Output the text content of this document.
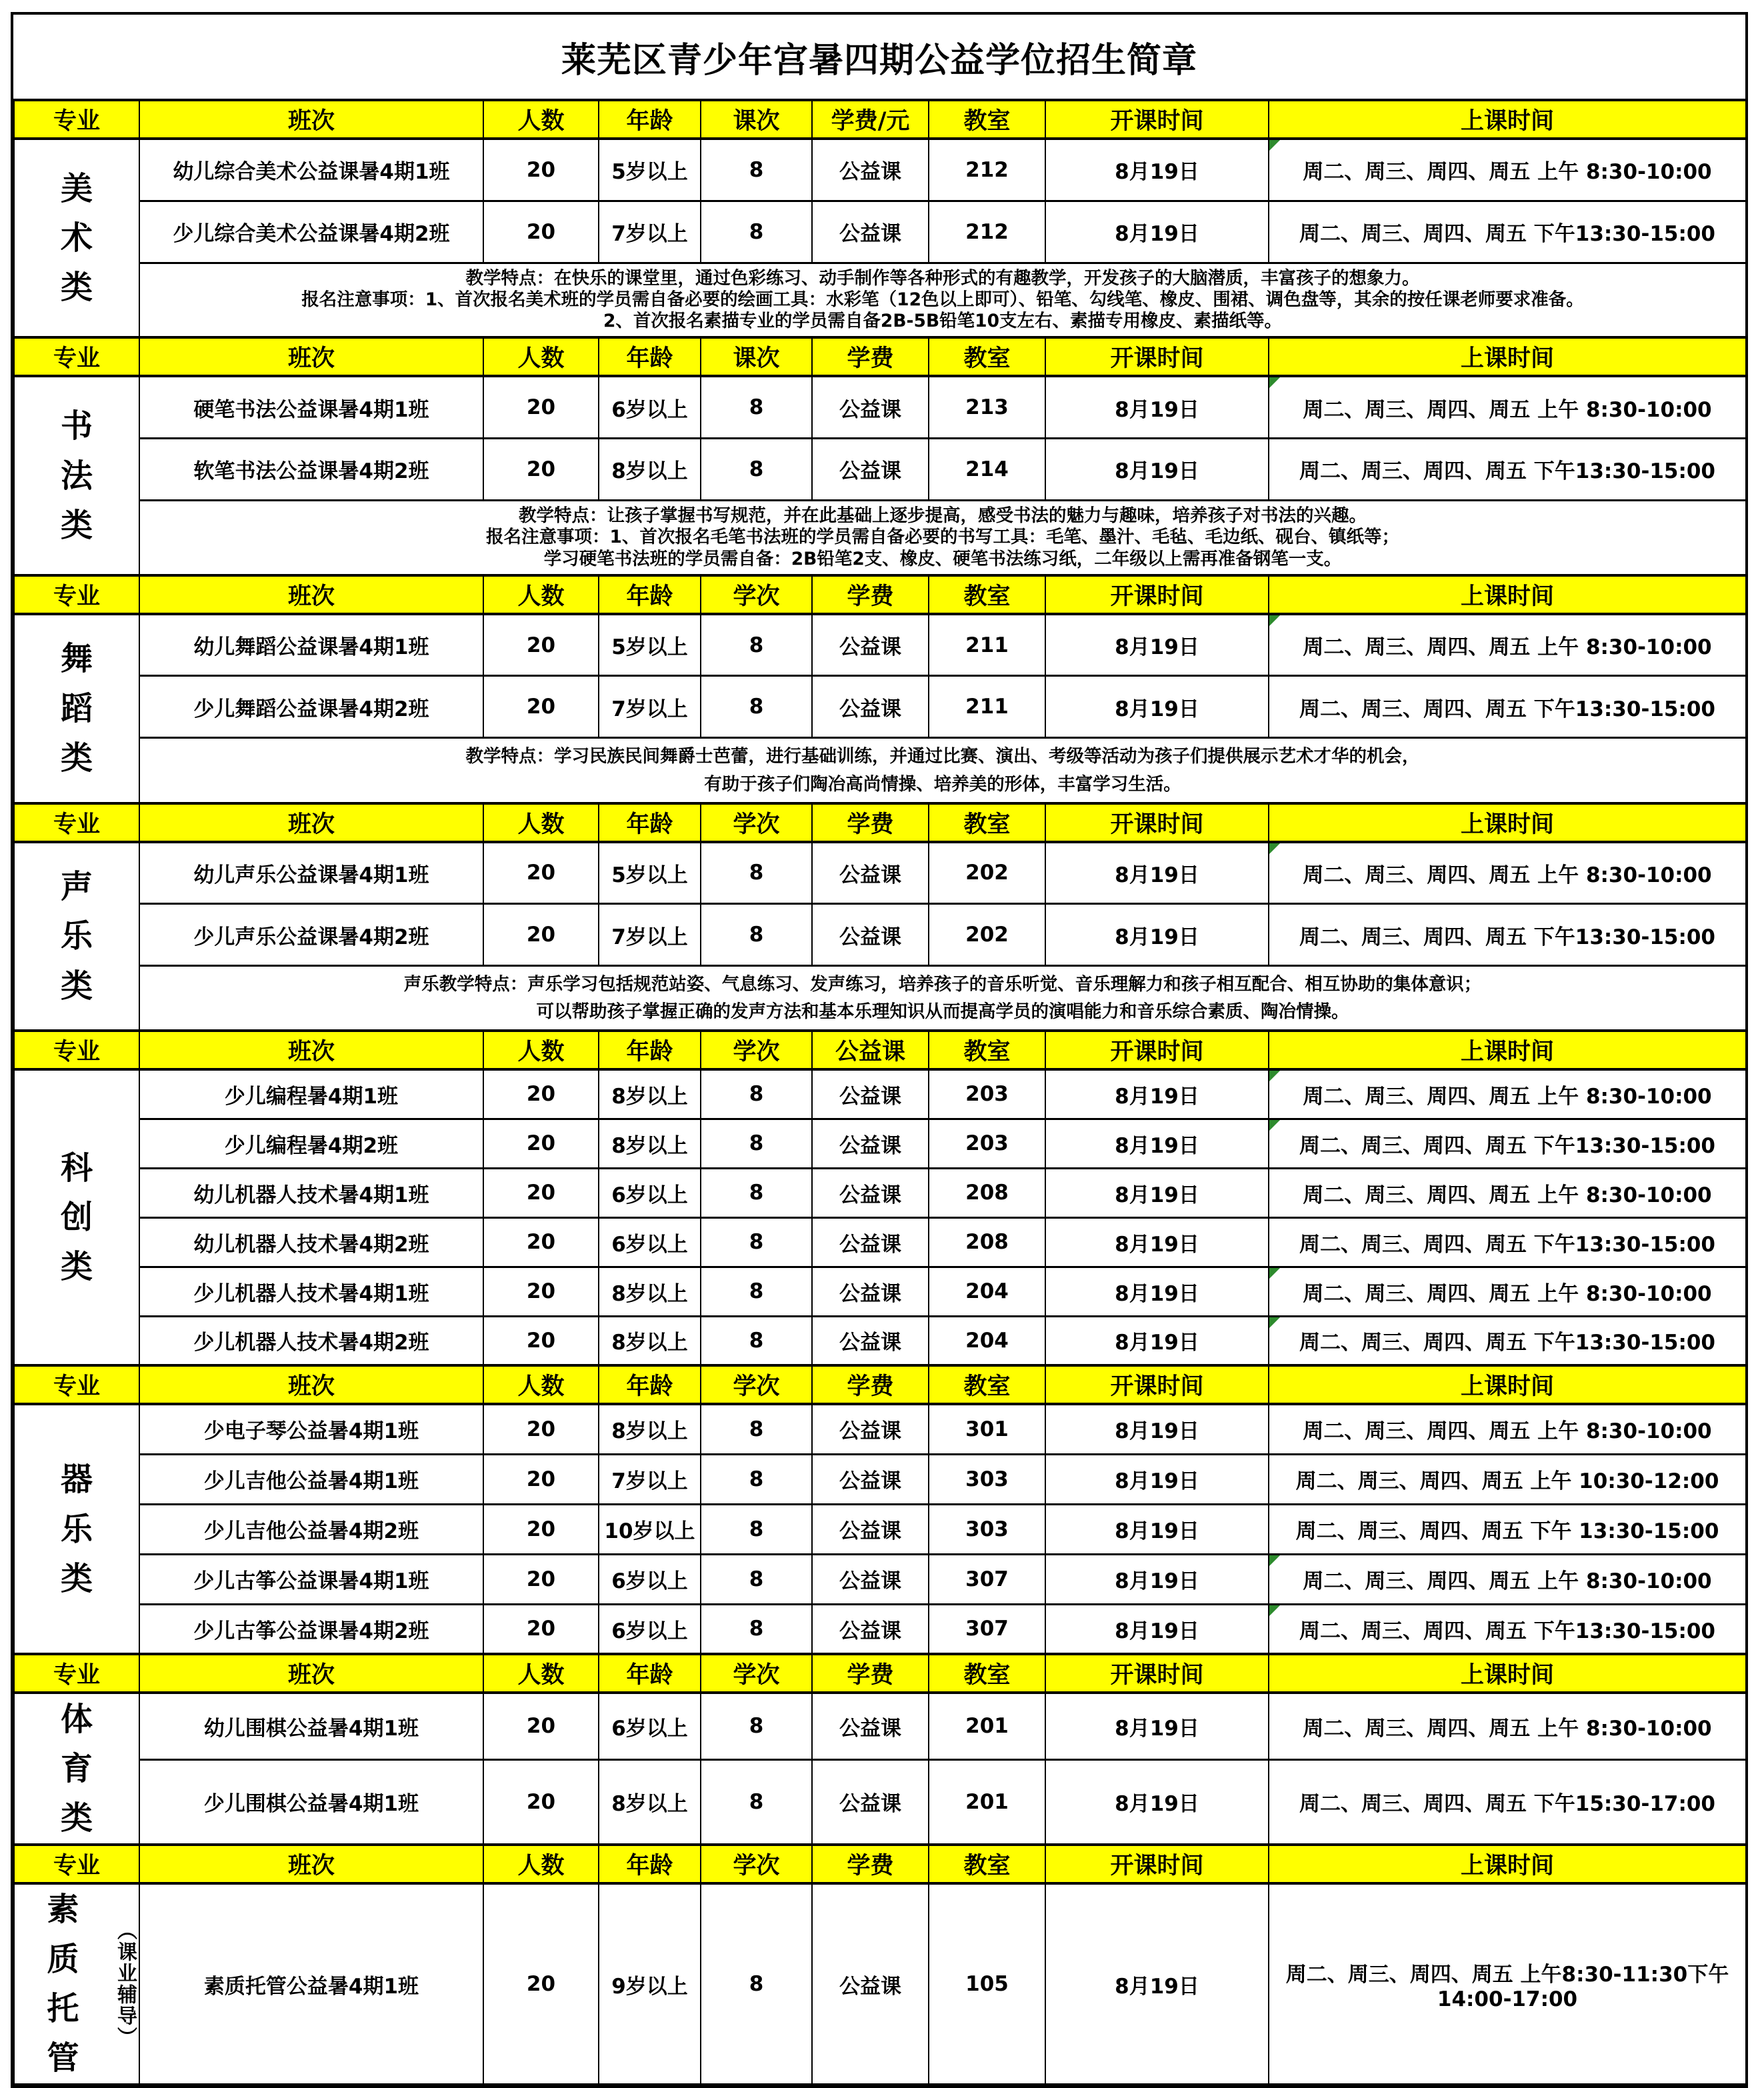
莱芜区青少年宫暑四期公益学位招生简章
专业	班次	人数	年龄	课次	学费/元	教室	开课时间	上课时间

美术类	幼儿综合美术公益课暑4期1班	20	5岁以上	8	公益课	212	8月19日	周二、周三、周四、周五 上午 8:30-10:00
	少儿综合美术公益课暑4期2班	20	7岁以上	8	公益课	212	8月19日	周二、周三、周四、周五 下午13:30-15:00

	教学特点：在快乐的课堂里，通过色彩练习、动手制作等各种形式的有趣教学，开发孩子的大脑潜质，丰富孩子的想象力。
报名注意事项：1、首次报名美术班的学员需自备必要的绘画工具：水彩笔（12色以上即可）、铅笔、勾线笔、橡皮、围裙、调色盘等，其余的按任课老师要求准备。
2、首次报名素描专业的学员需自备2B-5B铅笔10支左右、素描专用橡皮、素描纸等。							

专业	班次	人数	年龄	课次	学费	教室	开课时间	上课时间

书法类	硬笔书法公益课暑4期1班	20	6岁以上	8	公益课	213	8月19日	周二、周三、周四、周五 上午 8:30-10:00
	软笔书法公益课暑4期2班	20	8岁以上	8	公益课	214	8月19日	周二、周三、周四、周五 下午13:30-15:00

	教学特点：让孩子掌握书写规范，并在此基础上逐步提高，感受书法的魅力与趣味，培养孩子对书法的兴趣。
报名注意事项：1、首次报名毛笔书法班的学员需自备必要的书写工具：毛笔、墨汁、毛毡、毛边纸、砚台、镇纸等；
学习硬笔书法班的学员需自备：2B铅笔2支、橡皮、硬笔书法练习纸，二年级以上需再准备钢笔一支。							

专业	班次	人数	年龄	学次	学费	教室	开课时间	上课时间

舞蹈类	幼儿舞蹈公益课暑4期1班	20	5岁以上	8	公益课	211	8月19日	周二、周三、周四、周五 上午 8:30-10:00
	少儿舞蹈公益课暑4期2班	20	7岁以上	8	公益课	211	8月19日	周二、周三、周四、周五 下午13:30-15:00

	教学特点：学习民族民间舞爵士芭蕾，进行基础训练，并通过比赛、演出、考级等活动为孩子们提供展示艺术才华的机会，
有助于孩子们陶冶高尚情操、培养美的形体，丰富学习生活。							

专业	班次	人数	年龄	学次	学费	教室	开课时间	上课时间

声乐类	幼儿声乐公益课暑4期1班	20	5岁以上	8	公益课	202	8月19日	周二、周三、周四、周五 上午 8:30-10:00
	少儿声乐公益课暑4期2班	20	7岁以上	8	公益课	202	8月19日	周二、周三、周四、周五 下午13:30-15:00

	声乐教学特点：声乐学习包括规范站姿、气息练习、发声练习，培养孩子的音乐听觉、音乐理解力和孩子相互配合、相互协助的集体意识；
可以帮助孩子掌握正确的发声方法和基本乐理知识从而提高学员的演唱能力和音乐综合素质、陶冶情操。							

专业	班次	人数	年龄	学次	公益课	教室	开课时间	上课时间

科创类	少儿编程暑4期1班	20	8岁以上	8	公益课	203	8月19日	周二、周三、周四、周五 上午 8:30-10:00
	少儿编程暑4期2班	20	8岁以上	8	公益课	203	8月19日	周二、周三、周四、周五 下午13:30-15:00
	幼儿机器人技术暑4期1班	20	6岁以上	8	公益课	208	8月19日	周二、周三、周四、周五 上午 8:30-10:00
	幼儿机器人技术暑4期2班	20	6岁以上	8	公益课	208	8月19日	周二、周三、周四、周五 下午13:30-15:00
	少儿机器人技术暑4期1班	20	8岁以上	8	公益课	204	8月19日	周二、周三、周四、周五 上午 8:30-10:00
	少儿机器人技术暑4期2班	20	8岁以上	8	公益课	204	8月19日	周二、周三、周四、周五 下午13:30-15:00
专业	班次	人数	年龄	学次	学费	教室	开课时间	上课时间

器乐类	少电子琴公益暑4期1班	20	8岁以上	8	公益课	301	8月19日	周二、周三、周四、周五 上午 8:30-10:00
	少儿吉他公益暑4期1班	20	7岁以上	8	公益课	303	8月19日	周二、周三、周四、周五 上午 10:30-12:00
	少儿吉他公益暑4期2班	20	10岁以上	8	公益课	303	8月19日	周二、周三、周四、周五 下午 13:30-15:00
	少儿古筝公益课暑4期1班	20	6岁以上	8	公益课	307	8月19日	周二、周三、周四、周五 上午 8:30-10:00
	少儿古筝公益课暑4期2班	20	6岁以上	8	公益课	307	8月19日	周二、周三、周四、周五 下午13:30-15:00
专业	班次	人数	年龄	学次	学费	教室	开课时间	上课时间

体育类	幼儿围棋公益暑4期1班	20	6岁以上	8	公益课	201	8月19日	周二、周三、周四、周五 上午 8:30-10:00
	少儿围棋公益暑4期1班	20	8岁以上	8	公益课	201	8月19日	周二、周三、周四、周五 下午15:30-17:00
专业	班次	人数	年龄	学次	学费	教室	开课时间	上课时间

素质托管
（课业辅导）	素质托管公益暑4期1班	20	9岁以上	8	公益课	105	8月19日	周二、周三、周四、周五 上午8:30-11:30下午14:00-17:00
